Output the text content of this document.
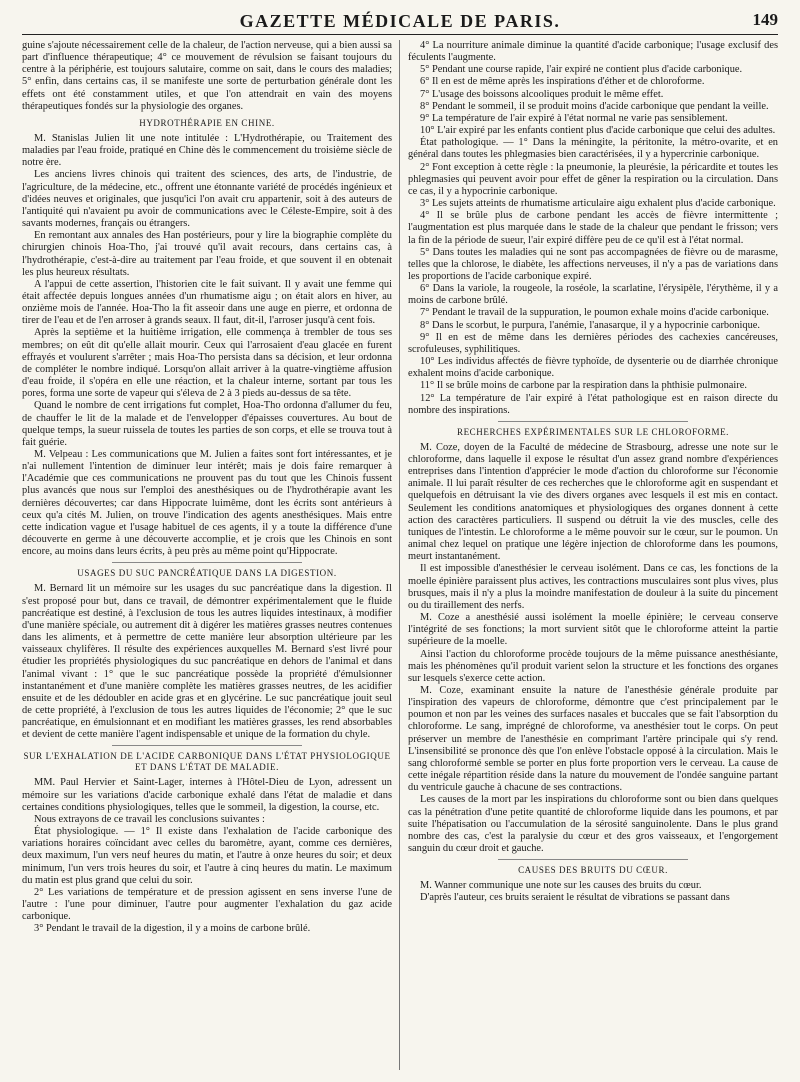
GAZETTE MÉDICALE DE PARIS.	149

guine s'ajoute nécessairement celle de la chaleur, de l'action nerveuse, qui a bien aussi sa part d'influence thérapeutique; 4° ce mouvement de révulsion se faisant toujours du centre à la périphérie, est toujours salutaire, comme on sait, dans le cours des maladies; 5° enfin, dans certains cas, il se manifeste une sorte de perturbation générale dont les effets ont été constamment utiles, et que l'on attendrait en vain des moyens thérapeutiques fondés sur la physiologie des organes.

HYDROTHÉRAPIE EN CHINE.

M. Stanislas Julien lit une note intitulée : L'Hydrothérapie, ou Traitement des maladies par l'eau froide, pratiqué en Chine dès le commencement du troisième siècle de notre ère.

Les anciens livres chinois qui traitent des sciences, des arts, de l'industrie, de l'agriculture, de la médecine, etc., offrent une étonnante variété de procédés ingénieux et d'idées neuves et originales, que jusqu'ici l'on avait cru appartenir, soit à des auteurs de l'antiquité qui n'avaient pu avoir de communications avec le Céleste-Empire, soit à des savants modernes, français ou étrangers.

En remontant aux annales des Han postérieurs, pour y lire la biographie complète du chirurgien chinois Hoa-Tho, j'ai trouvé qu'il avait recours, dans certains cas, à l'hydrothérapie, c'est-à-dire au traitement par l'eau froide, et que souvent il en obtenait les plus heureux résultats.

A l'appui de cette assertion, l'historien cite le fait suivant. Il y avait une femme qui était affectée depuis longues années d'un rhumatisme aigu ; on était alors en hiver, au onzième mois de l'année. Hoa-Tho la fit asseoir dans une auge en pierre, et ordonna de tirer de l'eau et de l'en arroser à grands seaux. Il faut, dit-il, l'arroser jusqu'à cent fois.

Après la septième et la huitième irrigation, elle commença à trembler de tous ses membres; on eût dit qu'elle allait mourir. Ceux qui l'arrosaient d'eau glacée en furent effrayés et voulurent s'arrêter ; mais Hoa-Tho persista dans sa décision, et leur ordonna de compléter le nombre indiqué. Lorsqu'on allait arriver à la quatre-vingtième affusion d'eau froide, il s'opéra en elle une réaction, et la chaleur interne, sortant par tous les pores, forma une sorte de vapeur qui s'éleva de 2 à 3 pieds au-dessus de sa tête.

Quand le nombre de cent irrigations fut complet, Hoa-Tho ordonna d'allumer du feu, de chauffer le lit de la malade et de l'envelopper d'épaisses couvertures. Au bout de quelque temps, la sueur ruissela de toutes les parties de son corps, et elle se trouva tout à fait guérie.

M. Velpeau : Les communications que M. Julien a faites sont fort intéressantes, et je n'ai nullement l'intention de diminuer leur intérêt; mais je dois faire remarquer à l'Académie que ces communications ne prouvent pas du tout que les Chinois fussent plus avancés que nous sur l'emploi des anesthésiques ou de l'hydrothérapie avant les dernières découvertes; car dans Hippocrate luimême, dont les écrits sont antérieurs à ceux qu'a cités M. Julien, on trouve l'indication des agents anesthésiques. Mais entre cette indication vague et l'usage habituel de ces agents, il y a toute la différence d'une découverte en germe à une découverte accomplie, et je crois que les Chinois en sont encore, au moins dans leurs écrits, à peu près au même point qu'Hippocrate.

USAGES DU SUC PANCRÉATIQUE DANS LA DIGESTION.

M. Bernard lit un mémoire sur les usages du suc pancréatique dans la digestion. Il s'est proposé pour but, dans ce travail, de démontrer expérimentalement que le fluide pancréatique est destiné, à l'exclusion de tous les autres liquides intestinaux, à modifier d'une manière spéciale, ou autrement dit à digérer les matières grasses neutres contenues dans les aliments, et à permettre de cette manière leur absorption ultérieure par les vaisseaux chylifères. Il résulte des expériences auxquelles M. Bernard s'est livré pour étudier les propriétés physiologiques du suc pancréatique en dehors de l'animal et dans l'animal vivant : 1° que le suc pancréatique possède la propriété d'émulsionner instantanément et d'une manière complète les matières grasses neutres, de les acidifier ensuite et de les dédoubler en acide gras et en glycérine. Le suc pancréatique jouit seul de cette propriété, à l'exclusion de tous les autres liquides de l'économie; 2° que le suc pancréatique, en émulsionnant et en modifiant les matières grasses, les rend absorbables et devient de cette manière l'agent indispensable et unique de la formation du chyle.

SUR L'EXHALATION DE L'ACIDE CARBONIQUE DANS L'ÉTAT PHYSIOLOGIQUE ET DANS L'ÉTAT DE MALADIE.

MM. Paul Hervier et Saint-Lager, internes à l'Hôtel-Dieu de Lyon, adressent un mémoire sur les variations d'acide carbonique exhalé dans l'état de maladie et dans certaines conditions physiologiques, telles que le sommeil, la digestion, la course, etc.

Nous extrayons de ce travail les conclusions suivantes :

État physiologique. — 1° Il existe dans l'exhalation de l'acide carbonique des variations horaires coïncidant avec celles du baromètre, ayant, comme ces dernières, deux maximum, l'un vers neuf heures du matin, et l'autre à onze heures du soir; et deux minimum, l'un vers trois heures du soir, et l'autre à cinq heures du matin. Le maximum du matin est plus grand que celui du soir.

2° Les variations de température et de pression agissent en sens inverse l'une de l'autre : l'une pour diminuer, l'autre pour augmenter l'exhalation du gaz acide carbonique.

3° Pendant le travail de la digestion, il y a moins de carbone brûlé.

4° La nourriture animale diminue la quantité d'acide carbonique; l'usage exclusif des féculents l'augmente.

5° Pendant une course rapide, l'air expiré ne contient plus d'acide carbonique.

6° Il en est de même après les inspirations d'éther et de chloroforme.

7° L'usage des boissons alcooliques produit le même effet.

8° Pendant le sommeil, il se produit moins d'acide carbonique que pendant la veille.

9° La température de l'air expiré à l'état normal ne varie pas sensiblement.

10° L'air expiré par les enfants contient plus d'acide carbonique que celui des adultes.

État pathologique. — 1° Dans la méningite, la péritonite, la métro-ovarite, et en général dans toutes les phlegmasies bien caractérisées, il y a hypercrinie carbonique.

2° Font exception à cette règle : la pneumonie, la pleurésie, la péricardite et toutes les phlegmasies qui peuvent avoir pour effet de gêner la respiration ou la circulation. Dans ce cas, il y a hypocrinie carbonique.

3° Les sujets atteints de rhumatisme articulaire aigu exhalent plus d'acide carbonique.

4° Il se brûle plus de carbone pendant les accès de fièvre intermittente ; l'augmentation est plus marquée dans le stade de la chaleur que pendant le frisson; vers la fin de la période de sueur, l'air expiré diffère peu de ce qu'il est à l'état normal.

5° Dans toutes les maladies qui ne sont pas accompagnées de fièvre ou de marasme, telles que la chlorose, le diabète, les affections nerveuses, il n'y a pas de variations dans les proportions de l'acide carbonique expiré.

6° Dans la variole, la rougeole, la roséole, la scarlatine, l'érysipèle, l'érythème, il y a moins de carbone brûlé.

7° Pendant le travail de la suppuration, le poumon exhale moins d'acide carbonique.

8° Dans le scorbut, le purpura, l'anémie, l'anasarque, il y a hypocrinie carbonique.

9° Il en est de même dans les dernières périodes des cachexies cancéreuses, scrofuleuses, syphilitiques.

10° Les individus affectés de fièvre typhoïde, de dysenterie ou de diarrhée chronique exhalent moins d'acide carbonique.

11° Il se brûle moins de carbone par la respiration dans la phthisie pulmonaire.

12° La température de l'air expiré à l'état pathologique est en raison directe du nombre des inspirations.

RECHERCHES EXPÉRIMENTALES SUR LE CHLOROFORME.

M. Coze, doyen de la Faculté de médecine de Strasbourg, adresse une note sur le chloroforme, dans laquelle il expose le résultat d'un assez grand nombre d'expériences entreprises dans l'intention d'apprécier le mode d'action du chloroforme sur l'économie animale. Il lui paraît résulter de ces recherches que le chloroforme agit en suspendant et quelquefois en détruisant la vie des divers organes avec lesquels il est mis en contact. Seulement les conditions anatomiques et physiologiques des organes donnent à cette action des caractères particuliers. Il suspend ou détruit la vie des muscles, celle des tuniques de l'intestin. Le chloroforme a le même pouvoir sur le cœur, sur le poumon. Un animal chez lequel on pratique une légère injection de chloroforme dans les poumons, meurt instantanément.

Il est impossible d'anesthésier le cerveau isolément. Dans ce cas, les fonctions de la moelle épinière paraissent plus actives, les contractions musculaires sont plus vives, plus brusques, mais il n'y a plus la moindre manifestation de douleur à la suite du pincement ou du tiraillement des nerfs.

M. Coze a anesthésié aussi isolément la moelle épinière; le cerveau conserve l'intégrité de ses fonctions; la mort survient sitôt que le chloroforme atteint la partie supérieure de la moelle.

Ainsi l'action du chloroforme procède toujours de la même puissance anesthésiante, mais les phénomènes qu'il produit varient selon la structure et les fonctions des organes sur lesquels s'exerce cette action.

M. Coze, examinant ensuite la nature de l'anesthésie générale produite par l'inspiration des vapeurs de chloroforme, démontre que c'est principalement par le poumon et non par les veines des surfaces nasales et buccales que se fait l'absorption du chloroforme. Le sang, imprégné de chloroforme, va anesthésier tout le corps. On peut préserver un membre de l'anesthésie en comprimant l'artère principale qui s'y rend. L'insensibilité se prononce dès que l'on enlève l'obstacle opposé à la circulation. Mais le sang chloroformé semble se porter en plus forte proportion vers le cerveau. La cause de cette inégale répartition réside dans la nature du mouvement de l'ondée sanguine partant du ventricule gauche à chacune de ses contractions.

Les causes de la mort par les inspirations du chloroforme sont ou bien dans quelques cas la pénétration d'une petite quantité de chloroforme liquide dans les poumons, et par suite l'hépatisation ou l'accumulation de la sérosité sanguinolente. Dans le plus grand nombre des cas, c'est la paralysie du cœur et des gros vaisseaux, et l'engorgement sanguin du cœur droit et gauche.

CAUSES DES BRUITS DU CŒUR.

M. Wanner communique une note sur les causes des bruits du cœur.

D'après l'auteur, ces bruits seraient le résultat de vibrations se passant dans
